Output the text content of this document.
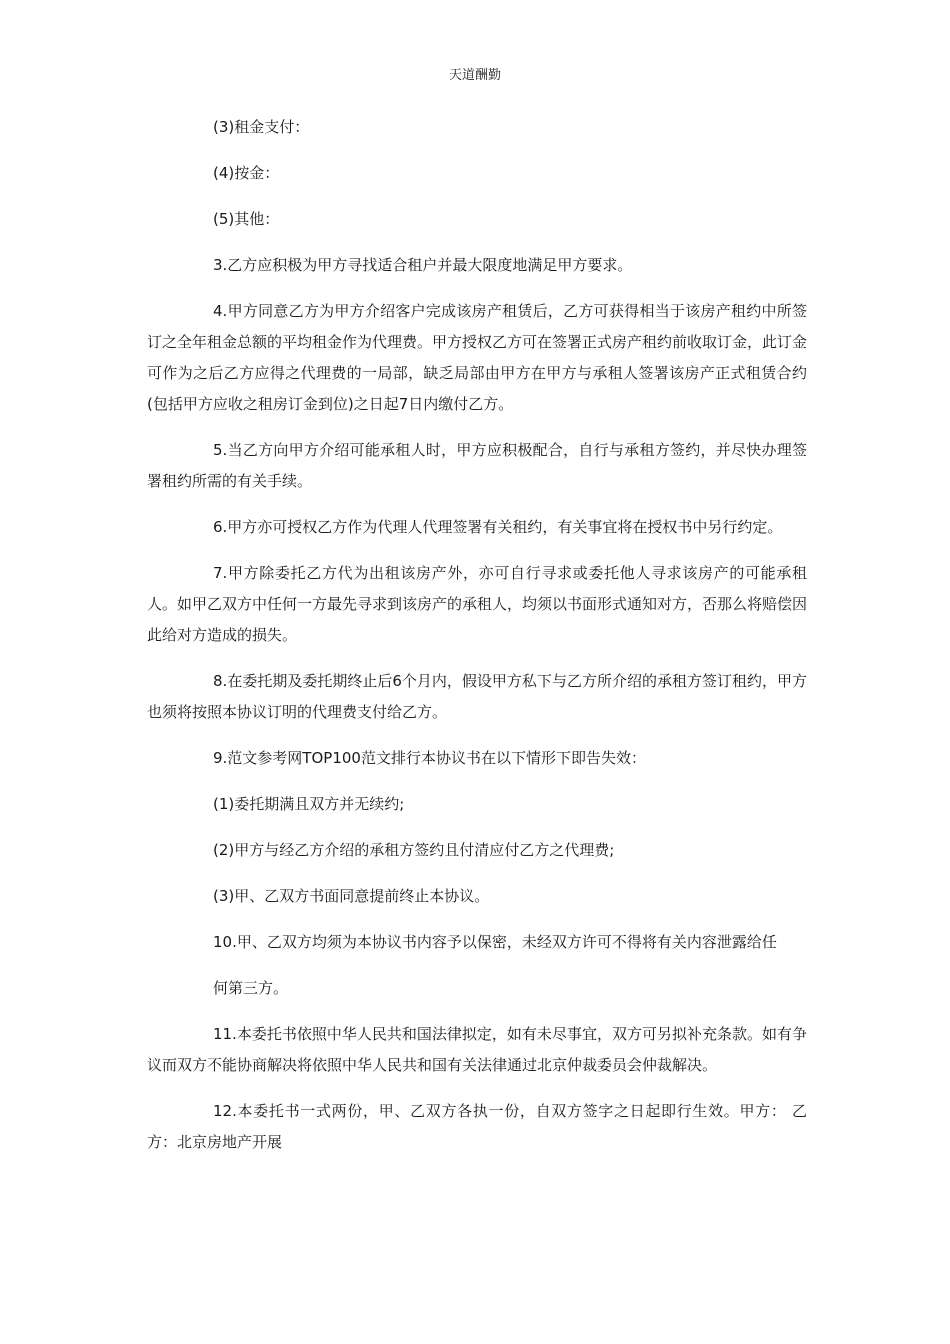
天道酬勤

(3)租金支付：

(4)按金：

(5)其他：

3.乙方应积极为甲方寻找适合租户并最大限度地满足甲方要求。

4.甲方同意乙方为甲方介绍客户完成该房产租赁后，乙方可获得相当于该房产租约中所签订之全年租金总额的平均租金作为代理费。甲方授权乙方可在签署正式房产租约前收取订金，此订金可作为之后乙方应得之代理费的一局部，缺乏局部由甲方在甲方与承租人签署该房产正式租赁合约(包括甲方应收之租房订金到位)之日起7日内缴付乙方。

5.当乙方向甲方介绍可能承租人时，甲方应积极配合，自行与承租方签约，并尽快办理签署租约所需的有关手续。

6.甲方亦可授权乙方作为代理人代理签署有关租约，有关事宜将在授权书中另行约定。

7.甲方除委托乙方代为出租该房产外，亦可自行寻求或委托他人寻求该房产的可能承租人。如甲乙双方中任何一方最先寻求到该房产的承租人，均须以书面形式通知对方，否那么将赔偿因此给对方造成的损失。

8.在委托期及委托期终止后6个月内，假设甲方私下与乙方所介绍的承租方签订租约，甲方也须将按照本协议订明的代理费支付给乙方。

9.范文参考网TOP100范文排行本协议书在以下情形下即告失效：

(1)委托期满且双方并无续约;

(2)甲方与经乙方介绍的承租方签约且付清应付乙方之代理费;

(3)甲、乙双方书面同意提前终止本协议。

10.甲、乙双方均须为本协议书内容予以保密，未经双方许可不得将有关内容泄露给任

何第三方。

11.本委托书依照中华人民共和国法律拟定，如有未尽事宜，双方可另拟补充条款。如有争议而双方不能协商解决将依照中华人民共和国有关法律通过北京仲裁委员会仲裁解决。

12.本委托书一式两份，甲、乙双方各执一份，自双方签字之日起即行生效。甲方： 乙方：北京房地产开展
